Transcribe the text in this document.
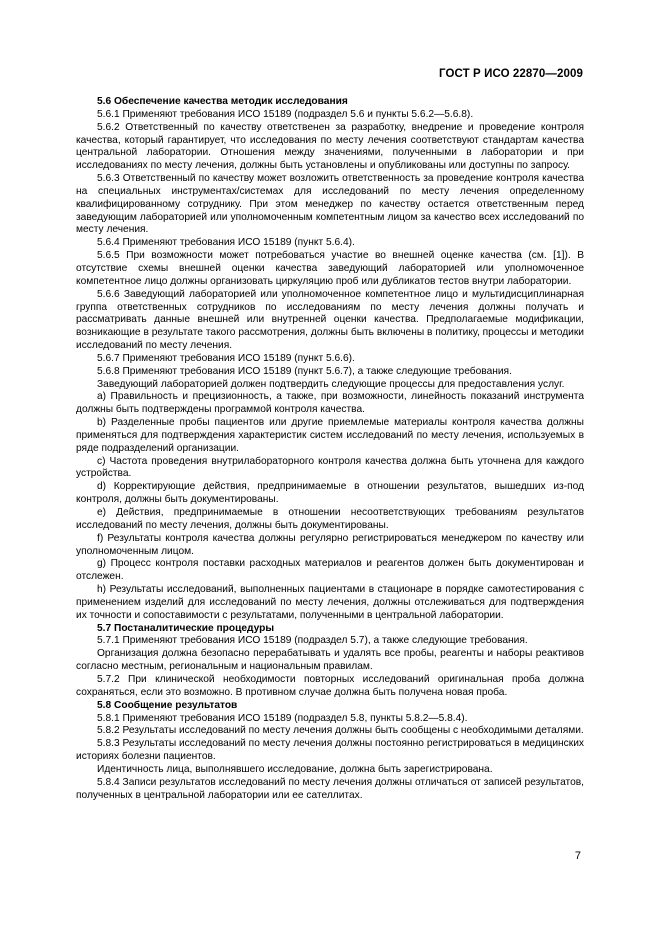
ГОСТ Р ИСО 22870—2009

5.6 Обеспечение качества методик исследования

5.6.1 Применяют требования ИСО 15189 (подраздел 5.6 и пункты 5.6.2—5.6.8).

5.6.2 Ответственный по качеству ответственен за разработку, внедрение и проведение контроля качества, который гарантирует, что исследования по месту лечения соответствуют стандартам качества центральной лаборатории. Отношения между значениями, полученными в лаборатории и при исследованиях по месту лечения, должны быть установлены и опубликованы или доступны по запросу.

5.6.3 Ответственный по качеству может возложить ответственность за проведение контроля качества на специальных инструментах/системах для исследований по месту лечения определенному квалифицированному сотруднику. При этом менеджер по качеству остается ответственным перед заведующим лабораторией или уполномоченным компетентным лицом за качество всех исследований по месту лечения.

5.6.4 Применяют требования ИСО 15189 (пункт 5.6.4).

5.6.5 При возможности может потребоваться участие во внешней оценке качества (см. [1]). В отсутствие схемы внешней оценки качества заведующий лабораторией или уполномоченное компетентное лицо должны организовать циркуляцию проб или дубликатов тестов внутри лаборатории.

5.6.6 Заведующий лабораторией или уполномоченное компетентное лицо и мультидисциплинарная группа ответственных сотрудников по исследованиям по месту лечения должны получать и рассматривать данные внешней или внутренней оценки качества. Предполагаемые модификации, возникающие в результате такого рассмотрения, должны быть включены в политику, процессы и методики исследований по месту лечения.

5.6.7 Применяют требования ИСО 15189 (пункт 5.6.6).

5.6.8 Применяют требования ИСО 15189 (пункт 5.6.7), а также следующие требования.

Заведующий лабораторией должен подтвердить следующие процессы для предоставления услуг.

а) Правильность и прецизионность, а также, при возможности, линейность показаний инструмента должны быть подтверждены программой контроля качества.

b) Разделенные пробы пациентов или другие приемлемые материалы контроля качества должны применяться для подтверждения характеристик систем исследований по месту лечения, используемых в ряде подразделений организации.

с) Частота проведения внутрилабораторного контроля качества должна быть уточнена для каждого устройства.

d) Корректирующие действия, предпринимаемые в отношении результатов, вышедших из-под контроля, должны быть документированы.

е) Действия, предпринимаемые в отношении несоответствующих требованиям результатов исследований по месту лечения, должны быть документированы.

f) Результаты контроля качества должны регулярно регистрироваться менеджером по качеству или уполномоченным лицом.

g) Процесс контроля поставки расходных материалов и реагентов должен быть документирован и отслежен.

h) Результаты исследований, выполненных пациентами в стационаре в порядке самотестирования с применением изделий для исследований по месту лечения, должны отслеживаться для подтверждения их точности и сопоставимости с результатами, полученными в центральной лаборатории.

5.7 Постаналитические процедуры

5.7.1 Применяют требования ИСО 15189 (подраздел 5.7), а также следующие требования.

Организация должна безопасно перерабатывать и удалять все пробы, реагенты и наборы реактивов согласно местным, региональным и национальным правилам.

5.7.2 При клинической необходимости повторных исследований оригинальная проба должна сохраняться, если это возможно. В противном случае должна быть получена новая проба.

5.8 Сообщение результатов

5.8.1 Применяют требования ИСО 15189 (подраздел 5.8, пункты 5.8.2—5.8.4).

5.8.2 Результаты исследований по месту лечения должны быть сообщены с необходимыми деталями.

5.8.3 Результаты исследований по месту лечения должны постоянно регистрироваться в медицинских историях болезни пациентов.

Идентичность лица, выполнявшего исследование, должна быть зарегистрирована.

5.8.4 Записи результатов исследований по месту лечения должны отличаться от записей результатов, полученных в центральной лаборатории или ее сателлитах.

7
